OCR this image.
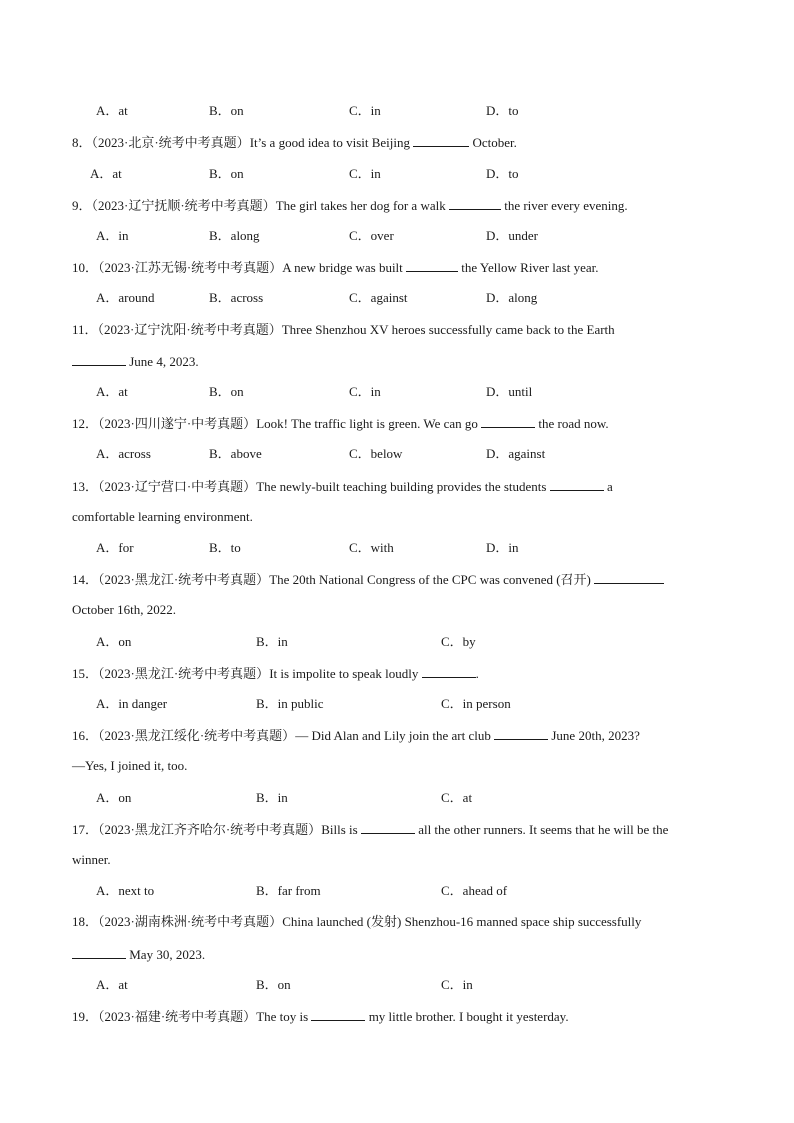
A．at	B．on	C．in	D．to
8．（2023·北京·统考中考真题）It’s a good idea to visit Beijing	October.
A．at	B．on	C．in	D．to
9．（2023·辽宁抚顺·统考中考真题）The girl takes her dog for a walk	the river every evening.
A．in	B．along	C．over	D．under
10．（2023·江苏无锡·统考中考真题）A new bridge was built	the Yellow River last year.
A．around	B．across	C．against	D．along
11．（2023·辽宁沈阳·统考中考真题）Three Shenzhou XV heroes successfully came back to the Earth
June 4, 2023.
A．at	B．on	C．in	D．until
12．（2023·四川遂宁·中考真题）Look! The traffic light is green. We can go	the road now.
A．across	B．above	C．below	D．against
13．（2023·辽宁营口·中考真题）The newly-built teaching building provides the students	a
comfortable learning environment.
A．for	B．to	C．with	D．in
14．（2023·黑龙江·统考中考真题）The 20th National Congress of the CPC was convened (召开)
October 16th, 2022.
A．on	B．in	C．by
15．（2023·黑龙江·统考中考真题）It is impolite to speak loudly	.
A．in danger	B．in public	C．in person
16．（2023·黑龙江绥化·统考中考真题）— Did Alan and Lily join the art club	June 20th, 2023?
—Yes, I joined it, too.
A．on	B．in	C．at
17．（2023·黑龙江齐齐哈尔·统考中考真题）Bills is	all the other runners. It seems that he will be the
winner.
A．next to	B．far from	C．ahead of
18．（2023·湖南株洲·统考中考真题）China launched (发射) Shenzhou-16 manned space ship successfully
May 30, 2023.
A．at	B．on	C．in
19．（2023·福建·统考中考真题）The toy is	my little brother. I bought it yesterday.
